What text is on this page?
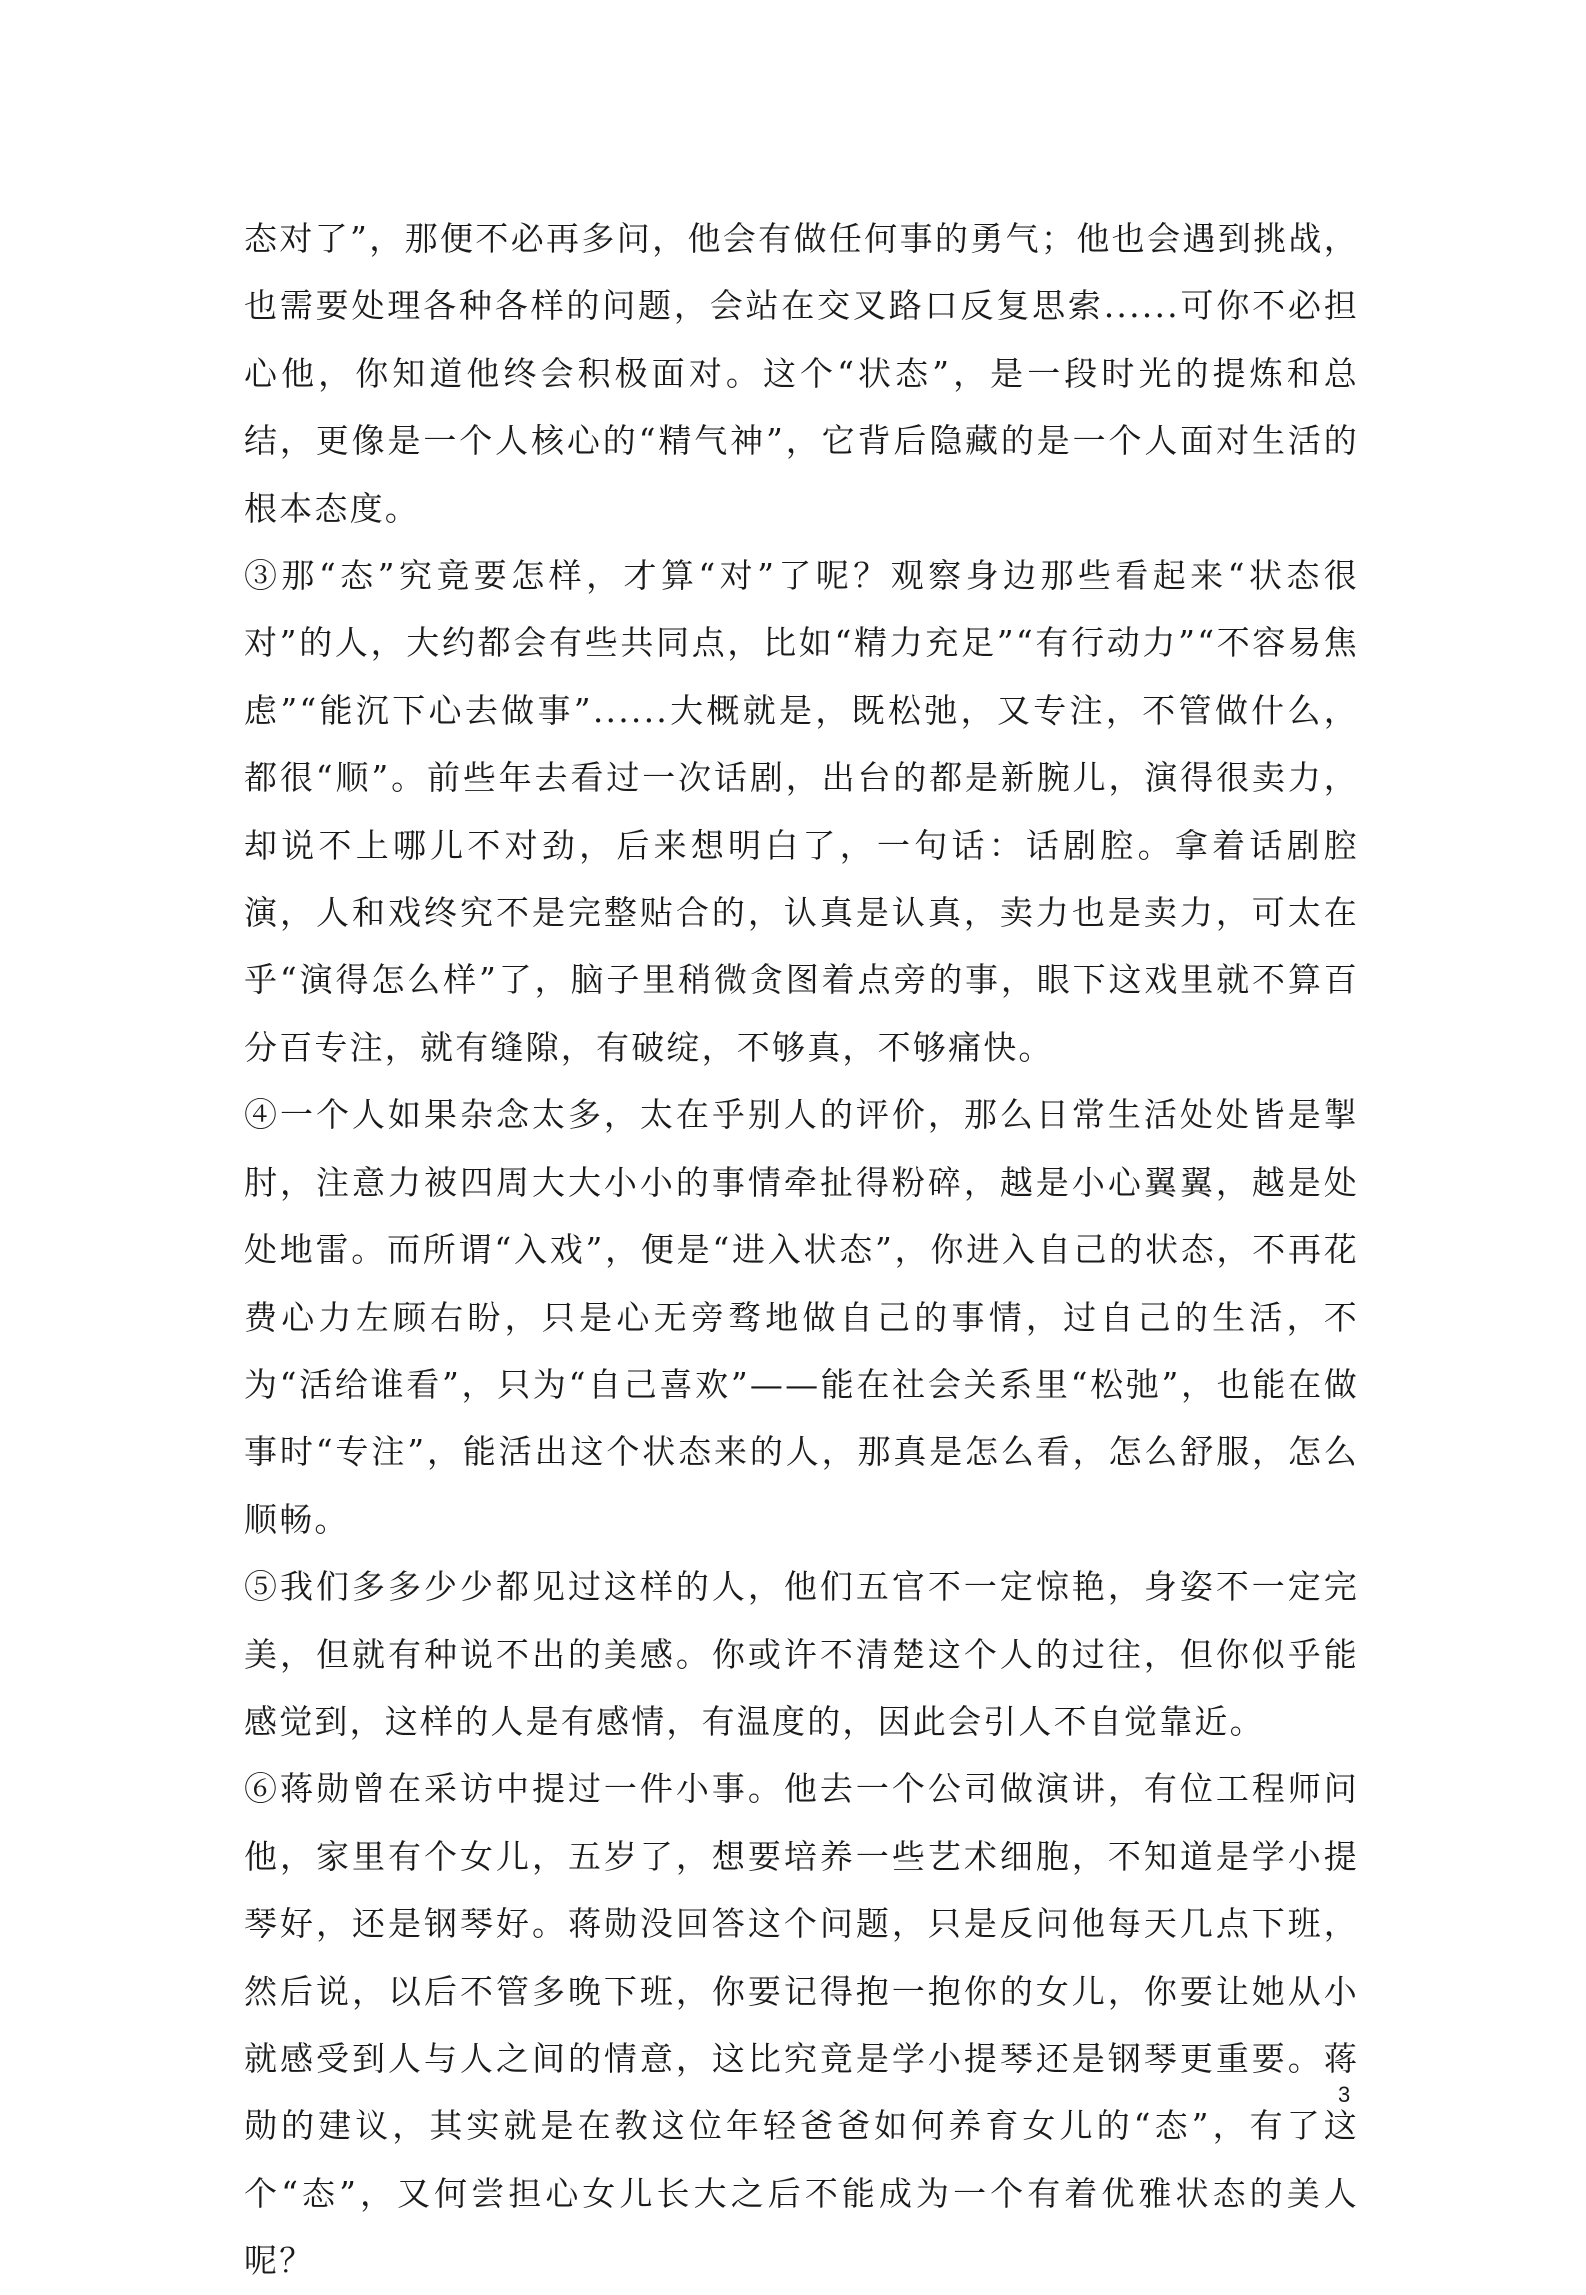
态对了”，那便不必再多问，他会有做任何事的勇气；他也会遇到挑战，也需要处理各种各样的问题，会站在交叉路口反复思索......可你不必担心他，你知道他终会积极面对。这个“状态”，是一段时光的提炼和总结，更像是一个人核心的“精气神”，它背后隐藏的是一个人面对生活的根本态度。

③那“态”究竟要怎样，才算“对”了呢？观察身边那些看起来“状态很对”的人，大约都会有些共同点，比如“精力充足”“有行动力”“不容易焦虑”“能沉下心去做事”......大概就是，既松弛，又专注，不管做什么，都很“顺”。前些年去看过一次话剧，出台的都是新腕儿，演得很卖力，却说不上哪儿不对劲，后来想明白了，一句话：话剧腔。拿着话剧腔演，人和戏终究不是完整贴合的，认真是认真，卖力也是卖力，可太在乎“演得怎么样”了，脑子里稍微贪图着点旁的事，眼下这戏里就不算百分百专注，就有缝隙，有破绽，不够真，不够痛快。

④一个人如果杂念太多，太在乎别人的评价，那么日常生活处处皆是掣肘，注意力被四周大大小小的事情牵扯得粉碎，越是小心翼翼，越是处处地雷。而所谓“入戏”，便是“进入状态”，你进入自己的状态，不再花费心力左顾右盼，只是心无旁骛地做自己的事情，过自己的生活，不为“活给谁看”，只为“自己喜欢”——能在社会关系里“松弛”，也能在做事时“专注”，能活出这个状态来的人，那真是怎么看，怎么舒服，怎么顺畅。

⑤我们多多少少都见过这样的人，他们五官不一定惊艳，身姿不一定完美，但就有种说不出的美感。你或许不清楚这个人的过往，但你似乎能感觉到，这样的人是有感情，有温度的，因此会引人不自觉靠近。

⑥蒋勋曾在采访中提过一件小事。他去一个公司做演讲，有位工程师问他，家里有个女儿，五岁了，想要培养一些艺术细胞，不知道是学小提琴好，还是钢琴好。蒋勋没回答这个问题，只是反问他每天几点下班，然后说，以后不管多晚下班，你要记得抱一抱你的女儿，你要让她从小就感受到人与人之间的情意，这比究竟是学小提琴还是钢琴更重要。蒋勋的建议，其实就是在教这位年轻爸爸如何养育女儿的“态”，有了这个“态”，又何尝担心女儿长大之后不能成为一个有着优雅状态的美人呢？

3
